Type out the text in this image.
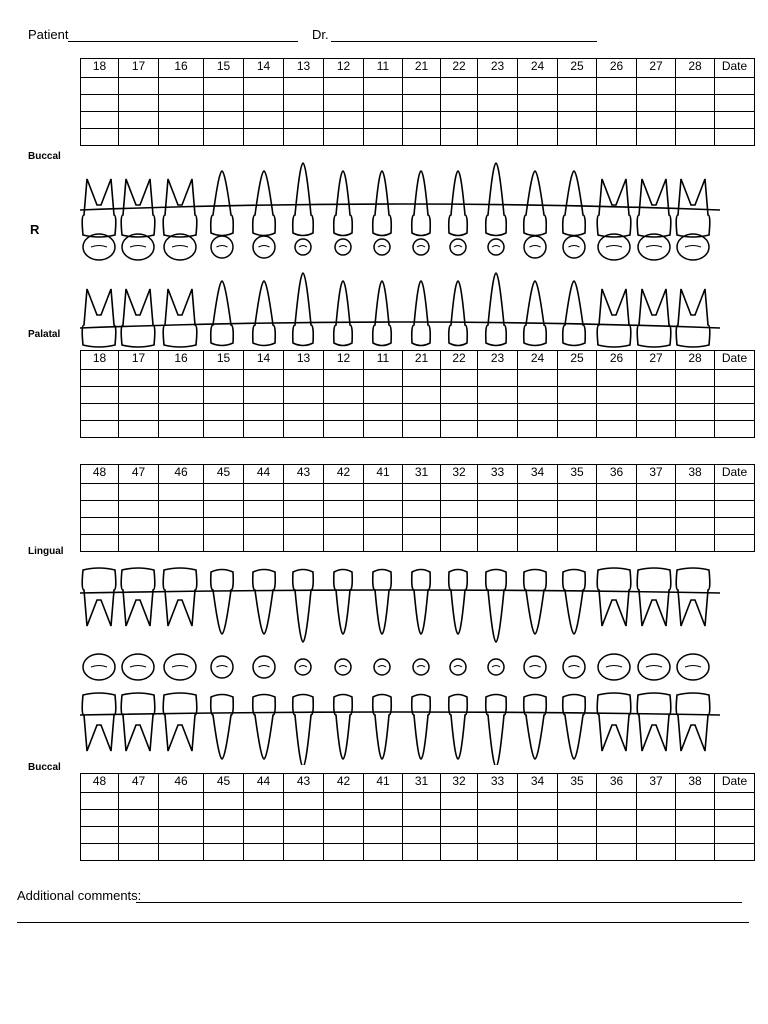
Patient	Dr.
18	17	16	15	14	13	12	11	21	22	23	24	25	26	27	28	Date

Buccal
R
Palatal
18	17	16	15	14	13	12	11	21	22	23	24	25	26	27	28	Date

48	47	46	45	44	43	42	41	31	32	33	34	35	36	37	38	Date

Lingual
Buccal
48	47	46	45	44	43	42	41	31	32	33	34	35	36	37	38	Date

Additional comments:
